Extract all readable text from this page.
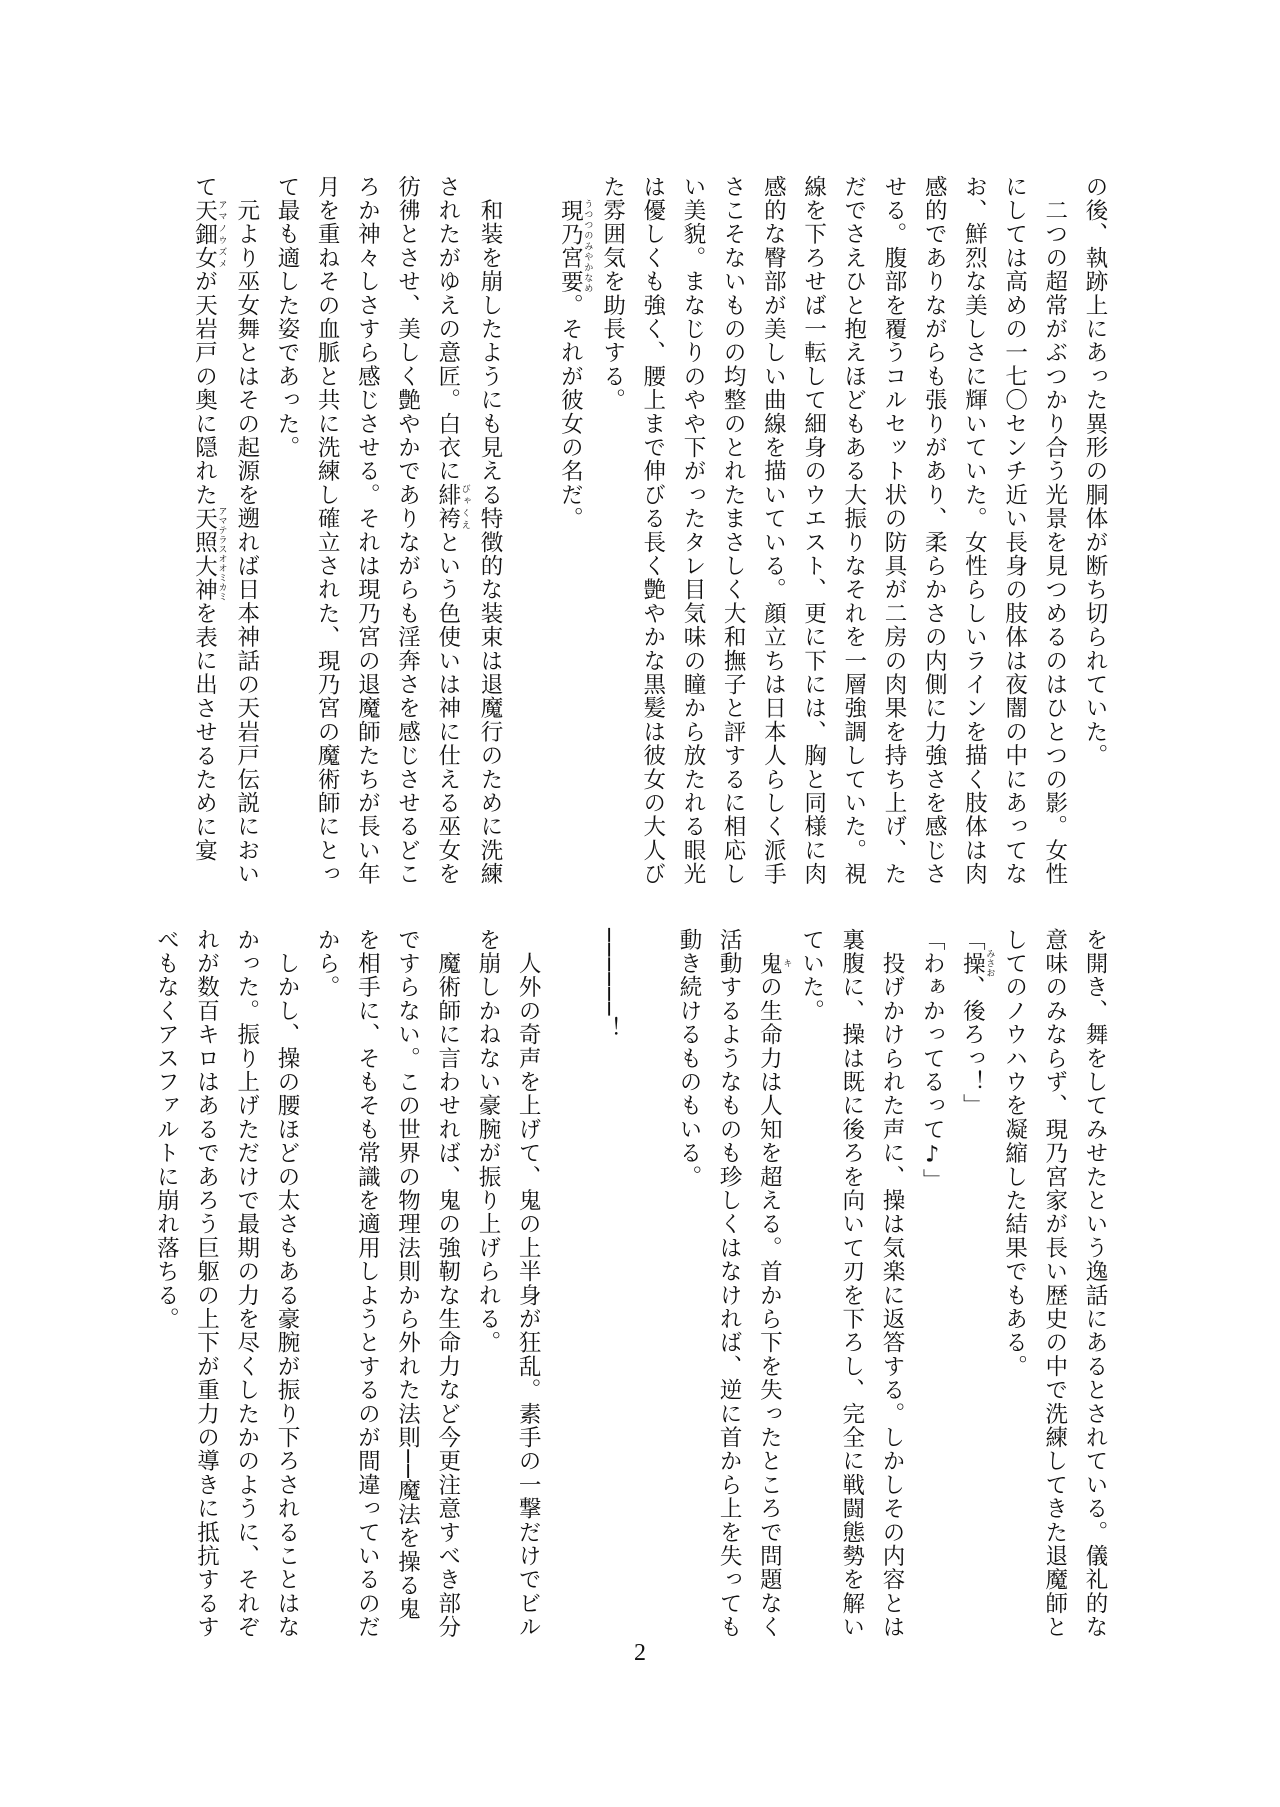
の後、執跡上にあった異形の胴体が断ち切られていた。
　二つの超常がぶつかり合う光景を見つめるのはひとつの影。女性
にしては高めの一七〇センチ近い長身の肢体は夜闇の中にあってな
お、鮮烈な美しさに輝いていた。女性らしいラインを描く肢体は肉
感的でありながらも張りがあり、柔らかさの内側に力強さを感じさ
せる。腹部を覆うコルセット状の防具が二房の肉果を持ち上げ、た
だでさえひと抱えほどもある大振りなそれを一層強調していた。視
線を下ろせば一転して細身のウエスト、更に下には、胸と同様に肉
感的な臀部が美しい曲線を描いている。顔立ちは日本人らしく派手
さこそないものの均整のとれたまさしく大和撫子と評するに相応し
い美貌。まなじりのやや下がったタレ目気味の瞳から放たれる眼光
は優しくも強く、腰上まで伸びる長く艶やかな黒髪は彼女の大人び
た雰囲気を助長する。
　現乃宮要 うつつのみやかなめ。それが彼女の名だ。

　和装を崩したようにも見える特徴的な装束は退魔行のために洗練
されたがゆえの意匠。白衣に緋袴 びゃくえという色使いは神に仕える巫女を
彷彿とさせ、美しく艶やかでありながらも淫奔さを感じさせるどこ
ろか神々しさすら感じさせる。それは現乃宮の退魔師たちが長い年
月を重ねその血脈と共に洗練し確立された、現乃宮の魔術師にとっ
て最も適した姿であった。
　元より巫女舞とはその起源を遡れば日本神話の天岩戸伝説におい
て天鈿女 アマノウズメが天岩戸の奥に隠れた天照大神 アマテラスオオミカミを表に出させるために宴
を開き、舞をしてみせたという逸話にあるとされている。儀礼的な
意味のみならず、現乃宮家が長い歴史の中で洗練してきた退魔師と
してのノウハウを凝縮した結果でもある。
「操 みさお、後ろっ！」
「わぁかってるって♪」
　投げかけられた声に、操は気楽に返答する。しかしその内容とは
裏腹に、操は既に後ろを向いて刃を下ろし、完全に戦闘態勢を解い
ていた。
　鬼 キの生命力は人知を超える。首から下を失ったところで問題なく
活動するようなものも珍しくはなければ、逆に首から上を失っても
動き続けるものもいる。

──────！

　人外の奇声を上げて、鬼の上半身が狂乱。素手の一撃だけでビル
を崩しかねない豪腕が振り上げられる。
　魔術師に言わせれば、鬼の強靭な生命力など今更注意すべき部分
ですらない。この世界の物理法則から外れた法則──魔法を操る鬼
を相手に、そもそも常識を適用しようとするのが間違っているのだ
から。
　しかし、操の腰ほどの太さもある豪腕が振り下ろされることはな
かった。振り上げただけで最期の力を尽くしたかのように、それぞ
れが数百キロはあるであろう巨躯の上下が重力の導きに抵抗するす
べもなくアスファルトに崩れ落ちる。
2
